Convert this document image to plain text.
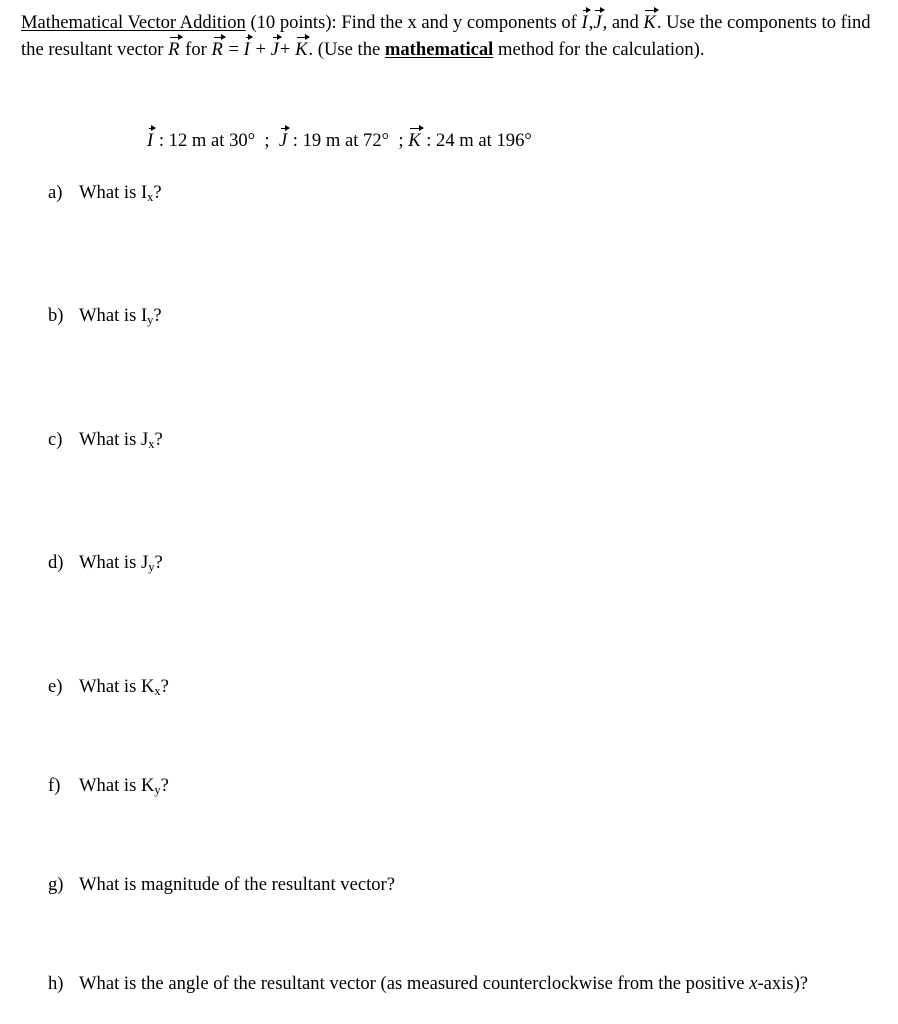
Mathematical Vector Addition (10 points): Find the x and y components of I,J, and K. Use the components to find the resultant vector R for R = I + J+ K. (Use the mathematical method for the calculation).
I : 12 m at 30°  ;  J : 19 m at 72°  ; K : 24 m at 196°
a) What is $I_x$?
b) What is $I_y$?
c) What is $J_x$?
d) What is $J_y$?
e) What is $K_x$?
f) What is $K_y$?
g) What is magnitude of the resultant vector?
h) What is the angle of the resultant vector (as measured counterclockwise from the positive x-axis)?
